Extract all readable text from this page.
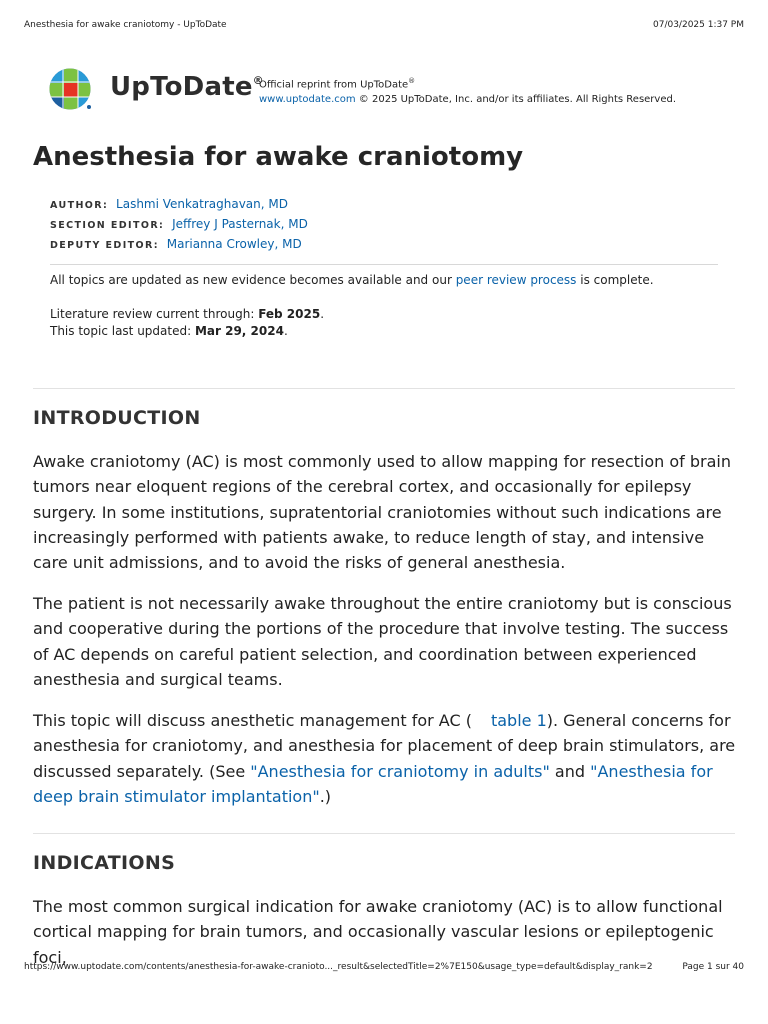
Anesthesia for awake craniotomy - UpToDate	07/03/2025 1:37 PM
UpToDate®
Official reprint from UpToDate®
www.uptodate.com © 2025 UpToDate, Inc. and/or its affiliates. All Rights Reserved.
Anesthesia for awake craniotomy
AUTHOR: Lashmi Venkatraghavan, MD
SECTION EDITOR: Jeffrey J Pasternak, MD
DEPUTY EDITOR: Marianna Crowley, MD
All topics are updated as new evidence becomes available and our peer review process is complete.
Literature review current through: Feb 2025.
This topic last updated: Mar 29, 2024.
INTRODUCTION

Awake craniotomy (AC) is most commonly used to allow mapping for resection of brain tumors near eloquent regions of the cerebral cortex, and occasionally for epilepsy surgery. In some institutions, supratentorial craniotomies without such indications are increasingly performed with patients awake, to reduce length of stay, and intensive care unit admissions, and to avoid the risks of general anesthesia.

The patient is not necessarily awake throughout the entire craniotomy but is conscious and cooperative during the portions of the procedure that involve testing. The success of AC depends on careful patient selection, and coordination between experienced anesthesia and surgical teams.

This topic will discuss anesthetic management for AC ( table 1). General concerns for anesthesia for craniotomy, and anesthesia for placement of deep brain stimulators, are discussed separately. (See "Anesthesia for craniotomy in adults" and "Anesthesia for deep brain stimulator implantation".)

INDICATIONS

The most common surgical indication for awake craniotomy (AC) is to allow functional cortical mapping for brain tumors, and occasionally vascular lesions or epileptogenic foci,

https://www.uptodate.com/contents/anesthesia-for-awake-cranioto..._result&selectedTitle=2%7E150&usage_type=default&display_rank=2	Page 1 sur 40
